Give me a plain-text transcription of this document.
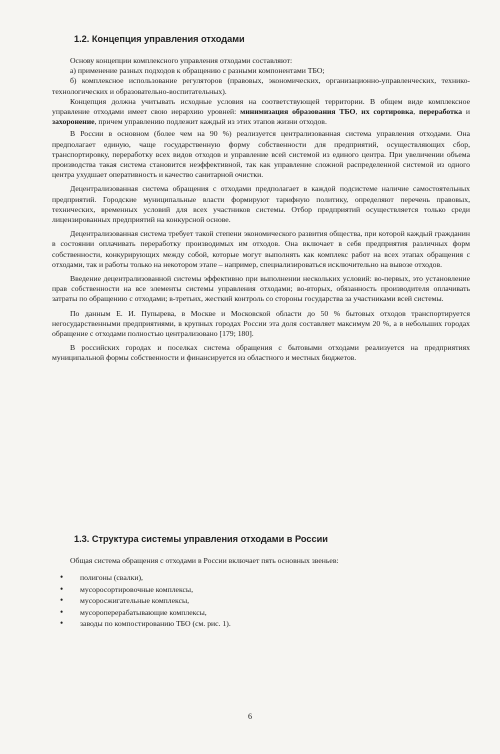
1.2. Концепция управления отходами

Основу концепции комплексного управления отходами составляют:

а) применение разных подходов к обращению с разными компонентами ТБО;

б) комплексное использование регуляторов (правовых, экономических, организационно-управленческих, технико-технологических и образовательно-воспитательных).

Концепция должна учитывать исходные условия на соответствующей территории. В общем виде комплексное управление отходами имеет свою иерархию уровней: минимизация образования ТБО, их сортировка, переработка и захоронение, причем управлению подлежит каждый из этих этапов жизни отходов.

В России в основном (более чем на 90 %) реализуется централизованная система управления отходами. Она предполагает единую, чаще государственную форму собственности для предприятий, осуществляющих сбор, транспортировку, переработку всех видов отходов и управление всей системой из единого центра. При увеличении объема производства такая система становится неэффективной, так как управление сложной распределенной системой из одного центра ухудшает оперативность и качество санитарной очистки.

Децентрализованная система обращения с отходами предполагает в каждой подсистеме наличие самостоятельных предприятий. Городские муниципальные власти формируют тарифную политику, определяют перечень правовых, технических, временных условий для всех участников системы. Отбор предприятий осуществляется только среди лицензированных предприятий на конкурсной основе.

Децентрализованная система требует такой степени экономического развития общества, при которой каждый гражданин в состоянии оплачивать переработку производимых им отходов. Она включает в себя предприятия различных форм собственности, конкурирующих между собой, которые могут выполнять как комплекс работ на всех этапах обращения с отходами, так и работы только на некотором этапе – например, специализироваться исключительно на вывозе отходов.

Введение децентрализованной системы эффективно при выполнении нескольких условий: во-первых, это установление прав собственности на все элементы системы управления отходами; во-вторых, обязанность производителя оплачивать затраты по обращению с отходами; в-третьих, жесткий контроль со стороны государства за участниками всей системы.

По данным Е. И. Пупырева, в Москве и Московской области до 50 % бытовых отходов транспортируется негосударственными предприятиями, в крупных городах России эта доля составляет максимум 20 %, а в небольших городах обращение с отходами полностью централизовано [179; 180].

В российских городах и поселках система обращения с бытовыми отходами реализуется на предприятиях муниципальной формы собственности и финансируется из областного и местных бюджетов.

1.3. Структура системы управления отходами в России

Общая система обращения с отходами в России включает пять основных звеньев:

• полигоны (свалки),
• мусоросортировочные комплексы,
• мусоросжигательные комплексы,
• мусороперерабатывающие комплексы,
• заводы по компостированию ТБО (см. рис. 1).
6
